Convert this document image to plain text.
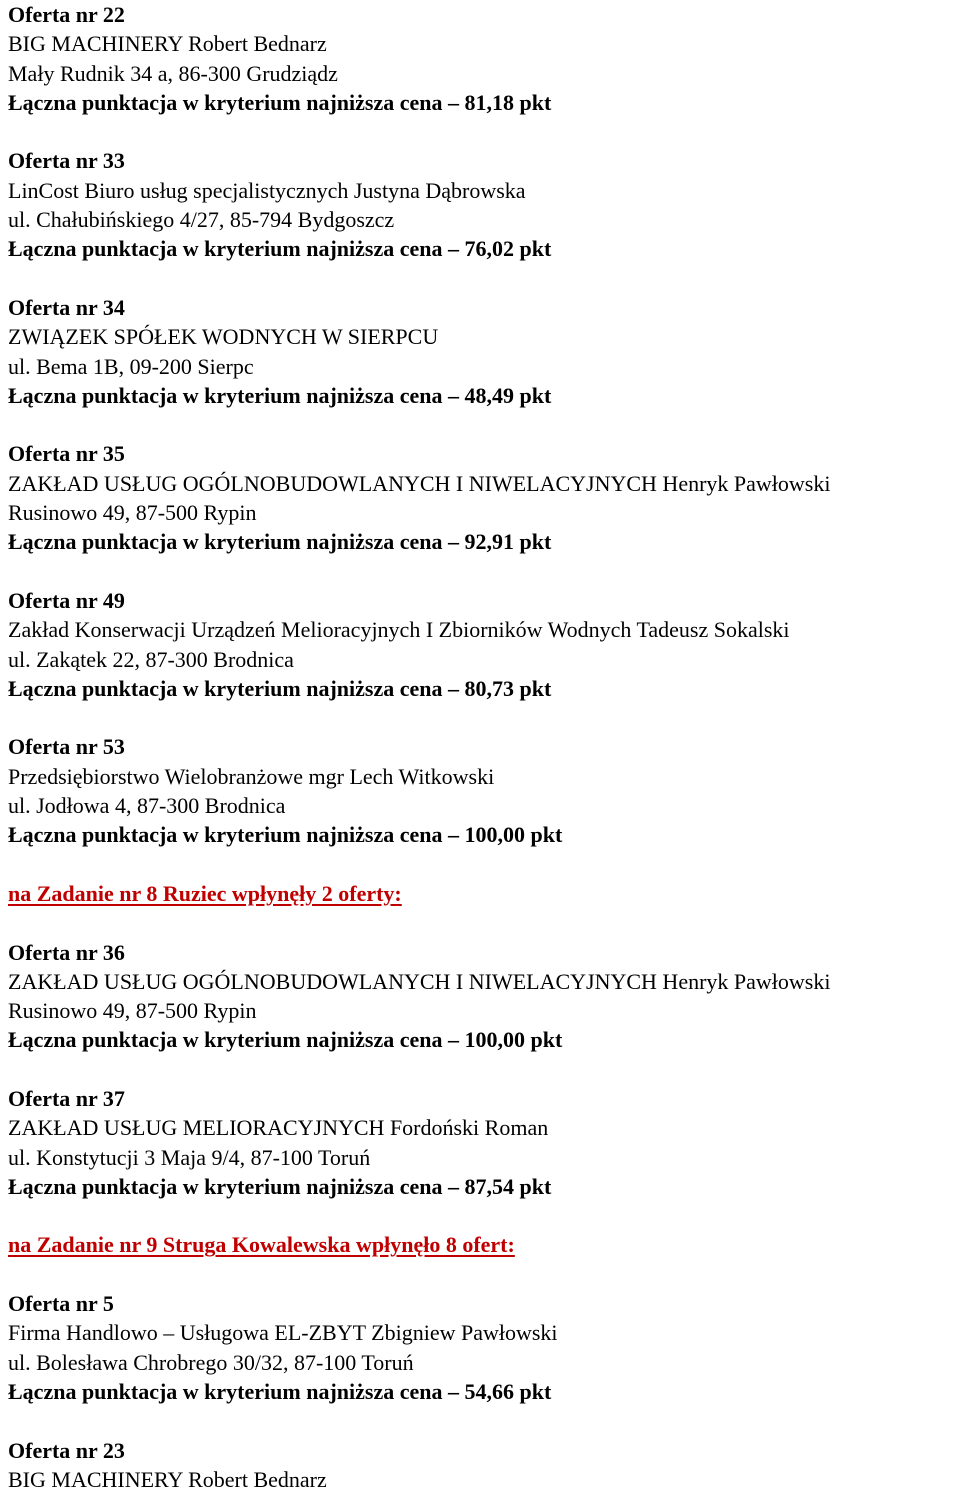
Oferta nr 22
BIG MACHINERY Robert Bednarz
Mały Rudnik 34 a, 86-300 Grudziądz
Łączna punktacja w kryterium najniższa cena – 81,18 pkt
Oferta nr 33
LinCost Biuro usług specjalistycznych Justyna Dąbrowska
ul. Chałubińskiego 4/27, 85-794 Bydgoszcz
Łączna punktacja w kryterium najniższa cena – 76,02 pkt
Oferta nr 34
ZWIĄZEK SPÓŁEK WODNYCH W SIERPCU
ul. Bema 1B, 09-200 Sierpc
Łączna punktacja w kryterium najniższa cena – 48,49 pkt
Oferta nr 35
ZAKŁAD USŁUG OGÓLNOBUDOWLANYCH I NIWELACYJNYCH Henryk Pawłowski
Rusinowo 49, 87-500 Rypin
Łączna punktacja w kryterium najniższa cena – 92,91 pkt
Oferta nr 49
Zakład Konserwacji Urządzeń Melioracyjnych I Zbiorników Wodnych Tadeusz Sokalski
ul. Zakątek 22, 87-300 Brodnica
Łączna punktacja w kryterium najniższa cena – 80,73 pkt
Oferta nr 53
Przedsiębiorstwo Wielobranżowe mgr Lech Witkowski
ul. Jodłowa 4, 87-300 Brodnica
Łączna punktacja w kryterium najniższa cena – 100,00 pkt
na Zadanie nr 8 Ruziec wpłynęły 2 oferty:
Oferta nr 36
ZAKŁAD USŁUG OGÓLNOBUDOWLANYCH I NIWELACYJNYCH Henryk Pawłowski
Rusinowo 49, 87-500 Rypin
Łączna punktacja w kryterium najniższa cena – 100,00 pkt
Oferta nr 37
ZAKŁAD USŁUG MELIORACYJNYCH Fordoński Roman
ul. Konstytucji 3 Maja 9/4, 87-100 Toruń
Łączna punktacja w kryterium najniższa cena – 87,54 pkt
na Zadanie nr 9 Struga Kowalewska wpłynęło 8 ofert:
Oferta nr 5
Firma Handlowo – Usługowa EL-ZBYT Zbigniew Pawłowski
ul. Bolesława Chrobrego 30/32, 87-100 Toruń
Łączna punktacja w kryterium najniższa cena – 54,66 pkt
Oferta nr 23
BIG MACHINERY Robert Bednarz
